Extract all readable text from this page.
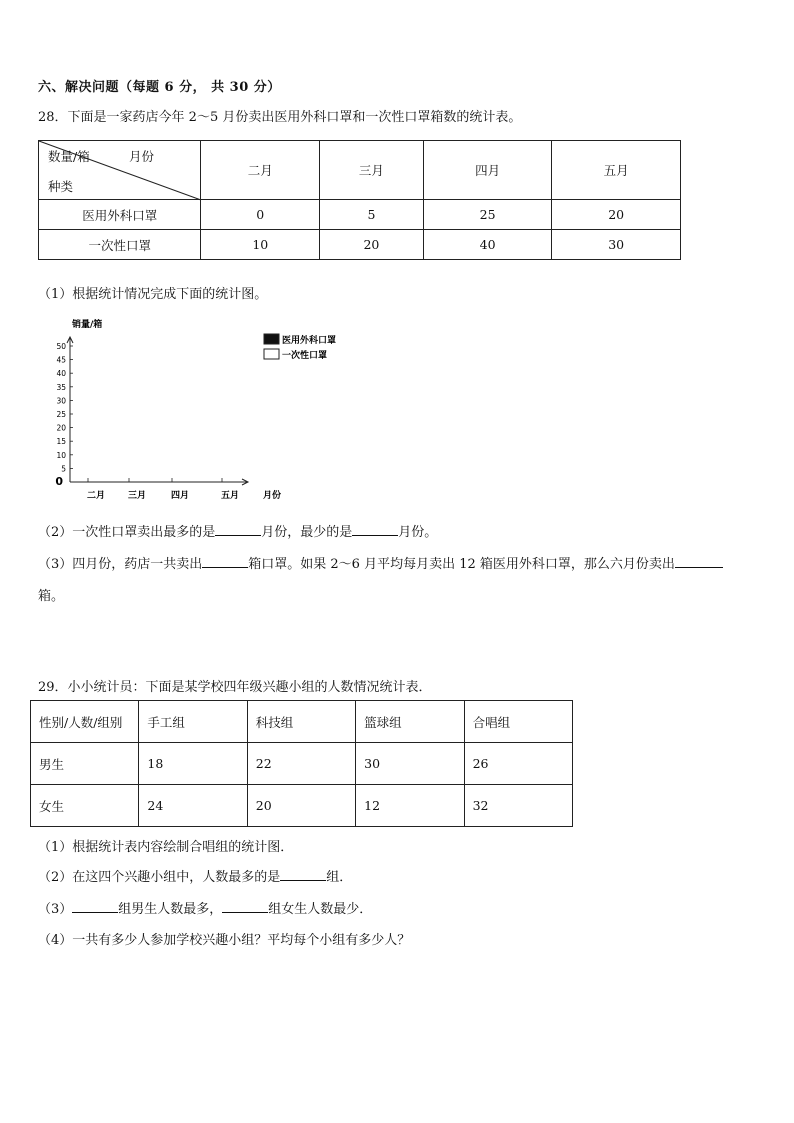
六、解决问题（每题 6 分， 共 30 分）
28．下面是一家药店今年 2～5 月份卖出医用外科口罩和一次性口罩箱数的统计表。
数量/箱 月份
种类	二月	三月	四月	五月
医用外科口罩	0	5	25	20
一次性口罩	10	20	40	30
（1）根据统计情况完成下面的统计图。
0
5
10
15
20
25
30
35
40
45
50
销量/箱
二月	三月	四月	五月	月份
医用外科口罩
一次性口罩
（2）一次性口罩卖出最多的是	月份，最少的是	月份。
（3）四月份，药店一共卖出	箱口罩。如果 2～6 月平均每月卖出 12 箱医用外科口罩，那么六月份卖出
箱。
29．小小统计员：下面是某学校四年级兴趣小组的人数情况统计表．
性别/人数/组别	手工组	科技组	篮球组	合唱组
男生	18	22	30	26
女生	24	20	12	32
（1）根据统计表内容绘制合唱组的统计图．
（2）在这四个兴趣小组中，人数最多的是	组．
（3）	组男生人数最多，	组女生人数最少．
（4）一共有多少人参加学校兴趣小组？平均每个小组有多少人？
